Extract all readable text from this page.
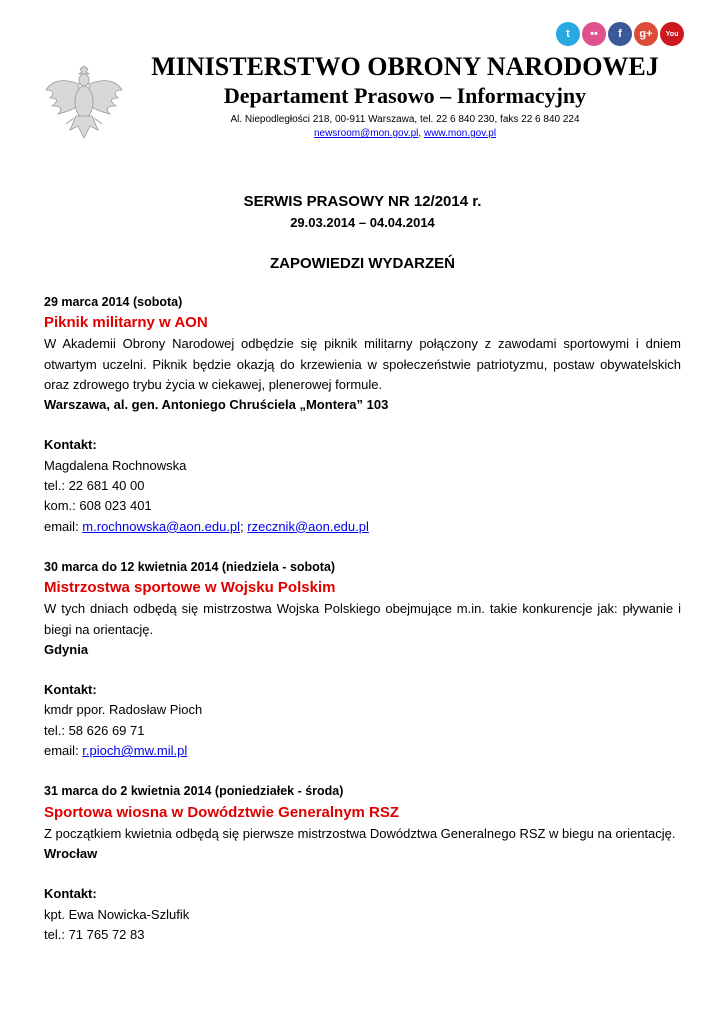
t	••	f	g+	You
MINISTERSTWO OBRONY NARODOWEJ
Departament Prasowo – Informacyjny
Al. Niepodległości 218, 00-911 Warszawa, tel. 22 6 840 230, faks 22 6 840 224
newsroom@mon.gov.pl, www.mon.gov.pl
SERWIS PRASOWY NR 12/2014 r.
29.03.2014 – 04.04.2014
ZAPOWIEDZI WYDARZEŃ
29 marca 2014 (sobota)
Piknik militarny w AON
W Akademii Obrony Narodowej odbędzie się piknik militarny połączony z zawodami sportowymi i dniem otwartym uczelni. Piknik będzie okazją do krzewienia w społeczeństwie patriotyzmu, postaw obywatelskich oraz zdrowego trybu życia w ciekawej, plenerowej formule.
Warszawa, al. gen. Antoniego Chruściela „Montera” 103
Kontakt:
Magdalena Rochnowska
tel.: 22 681 40 00
kom.: 608 023 401
email: m.rochnowska@aon.edu.pl; rzecznik@aon.edu.pl
30 marca do 12 kwietnia 2014 (niedziela - sobota)
Mistrzostwa sportowe w Wojsku Polskim
W tych dniach odbędą się mistrzostwa Wojska Polskiego obejmujące m.in. takie konkurencje jak: pływanie i biegi na orientację.
Gdynia
Kontakt:
kmdr ppor. Radosław Pioch
tel.: 58 626 69 71
email: r.pioch@mw.mil.pl
31 marca do 2 kwietnia 2014 (poniedziałek - środa)
Sportowa wiosna w Dowództwie Generalnym RSZ
Z początkiem kwietnia odbędą się pierwsze mistrzostwa Dowództwa Generalnego RSZ w biegu na orientację.
Wrocław
Kontakt:
kpt. Ewa Nowicka-Szlufik
tel.: 71 765 72 83
